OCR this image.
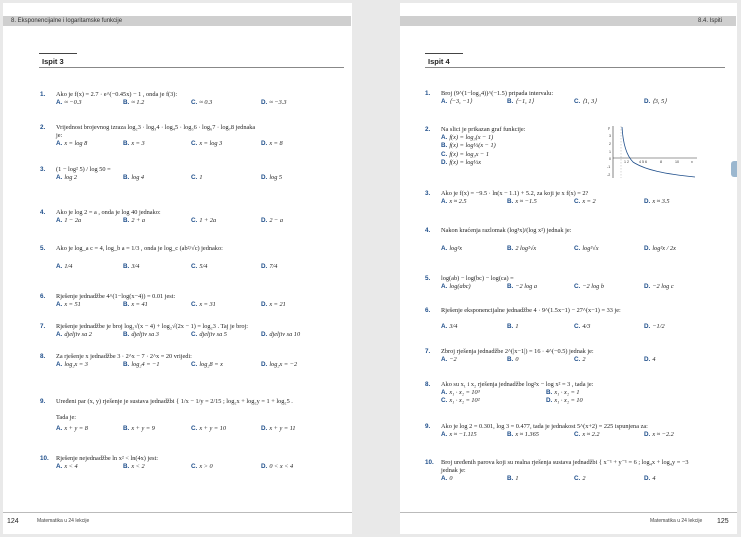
8. Eksponencijalne i logaritamske funkcije
Ispit 3
1. Ako je f(x) = 2.7 · e^(−0.45x) − 1 , onda je f(3):
A. ≈ −0.3	B. ≈ 1.2	C. ≈ 0.3	D. ≈ −3.3
2. Vrijednost brojevnog izraza log₂3 · log₃4 · log₄5 · log₅6 · log₆7 · log₇8 jednaka
je:
A. x = log 8	B. x = 3	C. x = log 3	D. x = 8
3. (1 − log² 5) / log 50 =
A. log 2	B. log 4	C. 1	D. log 5
4. Ako je log 2 = a , onda je log 40 jednako:
A. 1 − 2a	B. 2 + a	C. 1 + 2a	D. 2 − a
5. Ako je log_a c = 4, log_b a = 1/3 , onda je log_c (ab²/√c) jednako:
A. 1/4	B. 3/4	C. 5/4	D. 7/4
6. Rješenje jednadžbe 4^(1−log(x−4)) = 0.01 jest:
A. x = 51	B. x = 41	C. x = 31	D. x = 21
7. Rješenje jednadžbe je broj log₂√(x − 4) + log₂√(2x − 1) = log₂3 . Taj je broj:
A. djeljiv sa 2	B. djeljiv sa 3	C. djeljiv sa 5	D. djeljiv sa 10
8. Za rješenje x jednadžbe 3 · 2^x − 7 · 2^x = 20 vrijedi:
A. log₂x = 3	B. log₂4 = −1	C. log₂8 = x	D. log₂x = −2
9. Uređeni par (x, y) rješenje je sustava jednadžbi { 1/x − 1/y = 2/15 ; log₂x + log₂y = 1 + log₂5 .
Tada je:
A. x + y = 8	B. x + y = 9	C. x + y = 10	D. x + y = 11
10. Rješenje nejednadžbe ln x² < ln(4x) jest:
A. x < 4	B. x < 2	C. x > 0	D. 0 < x < 4
124	Matematika u 24 lekcije
8.4. Ispiti
Ispit 4
1. Broj (9^(1−log₃4))^(−1.5) pripada intervalu:
A. ⟨−3, −1⟩	B. ⟨−1, 1⟩	C. ⟨1, 3⟩	D. ⟨3, 5⟩
2. Na slici je prikazan graf funkcije:
A. f(x) = log₃(x − 1)
B. f(x) = log⅓(x − 1)
C. f(x) = log₃x − 1
D. f(x) = log⅓x
y
3
2
1
0
-1
-2
1 2	4 5 6	8	10	x
3. Ako je f(x) = −9.5 · ln(x − 1.1) + 5.2, za koji je x f(x) = 2?
A. x ≈ 2.5	B. x ≈ −1.5	C. x = 2	D. x ≈ 3.5
4. Nakon kraćenja razlomak (log³x)/(log x²) jednak je:
A. log²x	B. 2 log²√x	C. log²√x	D. log²x / 2x
5. log(ab) − log(bc) − log(ca) =
A. log(abc)	B. −2 log a	C. −2 log b	D. −2 log c
6. Rješenje eksponencijalne jednadžbe 4 · 9^(1.5x−1) − 27^(x−1) = 33 je:
A. 3/4	B. 1	C. 4/3	D. −1/2
7. Zbroj rješenja jednadžbe 2^(|x−1|) = 16 · 4^(−0.5) jednak je:
A. −2	B. 0	C. 2	D. 4
8. Ako su x₁ i x₂ rješenja jednadžbe log²x − log x² = 3 , tada je:
A. x₁ · x₂ = 10³	B. x₁ · x₂ = 1
C. x₁ · x₂ = 10²	D. x₁ · x₂ = 10
9. Ako je log 2 = 0.301, log 3 = 0.477, tada je jednakost 5^(x+2) = 225 ispunjena za:
A. x ≈ −1.115	B. x ≈ 1.365	C. x ≈ 2.2	D. x ≈ −2.2
10. Broj uređenih parova koji su realna rješenja sustava jednadžbi { x⁻¹ + y⁻¹ = 6 ; log₄x + log₄y = −3
jednak je:
A. 0	B. 1	C. 2	D. 4
Matematika u 24 lekcije 125
